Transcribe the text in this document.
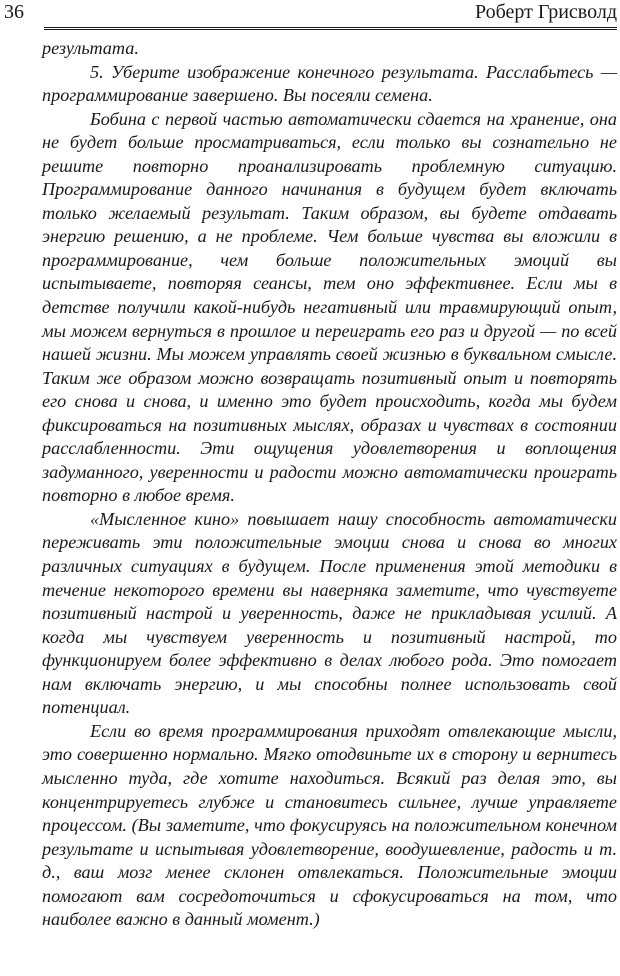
36	Роберт Грисволд

результата.

5. Уберите изображение конечного результата. Расслабьтесь — программирование завершено. Вы посеяли семена.

Бобина с первой частью автоматически сдается на хранение, она не будет больше просматриваться, если только вы сознательно не решите повторно проанализировать проблемную ситуацию. Программирование данного начинания в будущем будет включать только желаемый результат. Таким образом, вы будете отдавать энергию решению, а не проблеме. Чем больше чувства вы вложили в программирование, чем больше положительных эмоций вы испытываете, повторяя сеансы, тем оно эффективнее. Если мы в детстве получили какой-нибудь негативный или травмирующий опыт, мы можем вернуться в прошлое и переиграть его раз и другой — по всей нашей жизни. Мы можем управлять своей жизнью в буквальном смысле. Таким же образом можно возвращать позитивный опыт и повторять его снова и снова, и именно это будет происходить, когда мы будем фиксироваться на позитивных мыслях, образах и чувствах в состоянии расслабленности. Эти ощущения удовлетворения и воплощения задуманного, уверенности и радости можно автоматически проиграть повторно в любое время.

«Мысленное кино» повышает нашу способность автоматически переживать эти положительные эмоции снова и снова во многих различных ситуациях в будущем. После применения этой методики в течение некоторого времени вы наверняка заметите, что чувствуете позитивный настрой и уверенность, даже не прикладывая усилий. А когда мы чувствуем уверенность и позитивный настрой, то функционируем более эффективно в делах любого рода. Это помогает нам включать энергию, и мы способны полнее использовать свой потенциал.

Если во время программирования приходят отвлекающие мысли, это совершенно нормально. Мягко отодвиньте их в сторону и вернитесь мысленно туда, где хотите находиться. Всякий раз делая это, вы концентрируетесь глубже и становитесь сильнее, лучше управляете процессом. (Вы заметите, что фокусируясь на положительном конечном результате и испытывая удовлетворение, воодушевление, радость и т. д., ваш мозг менее склонен отвлекаться. Положительные эмоции помогают вам сосредоточиться и сфокусироваться на том, что наиболее важно в данный момент.)
